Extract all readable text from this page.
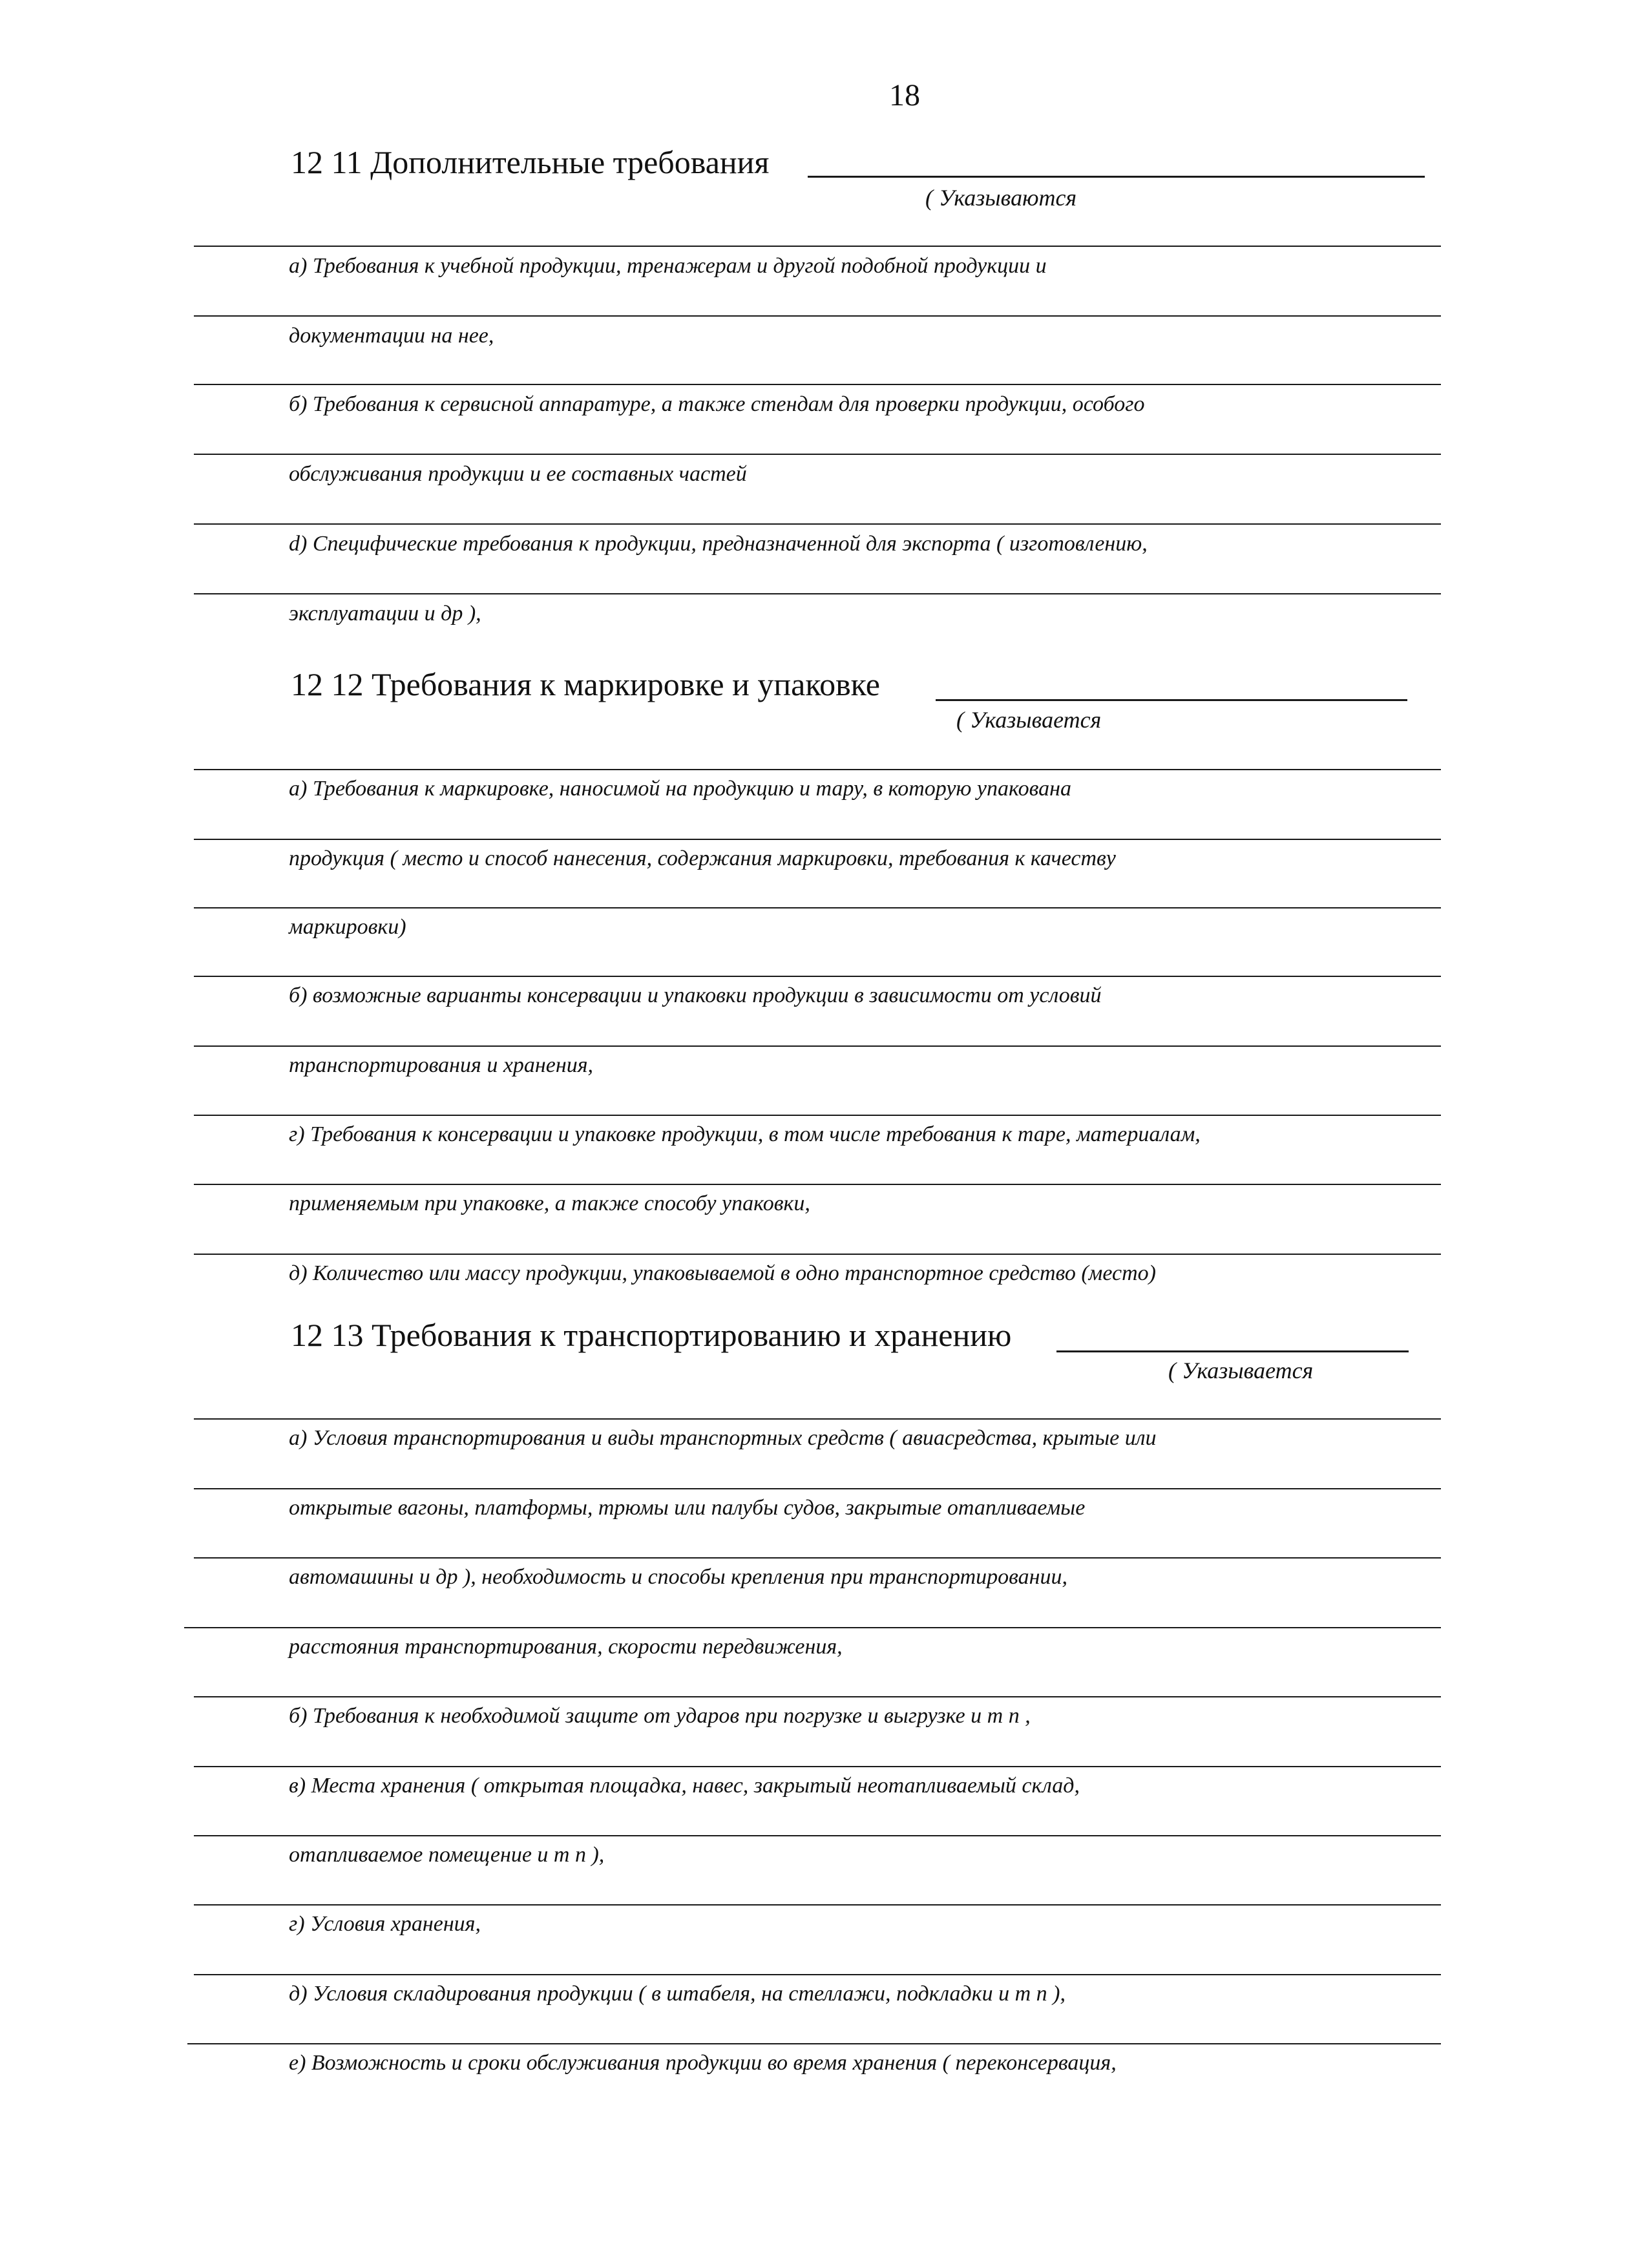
18
12 11 Дополнительные требования
( Указываются
а) Требования к учебной продукции, тренажерам и другой подобной продукции и
документации на нее,
б) Требования к сервисной аппаратуре, а также стендам для проверки продукции, особого
обслуживания продукции и ее составных частей
d) Специфические требования к продукции, предназначенной для экспорта ( изготовлению,
эксплуатации и др ),
12 12 Требования к маркировке и упаковке
( Указывается
а) Требования к маркировке, наносимой на продукцию и тару, в которую упакована
продукция ( место и способ нанесения, содержания маркировки, требования к качеству
маркировки)
б) возможные варианты консервации и упаковки продукции в зависимости от условий
транспортирования и хранения,
г) Требования к консервации и упаковке продукции, в том числе требования к таре, материалам,
применяемым при упаковке, а также способу упаковки,
д) Количество или массу продукции, упаковываемой в одно транспортное средство (место)
12 13 Требования к транспортированию и хранению
( Указывается
а) Условия транспортирования и виды транспортных средств ( авиасредства, крытые или
открытые вагоны, платформы, трюмы или палубы судов, закрытые отапливаемые
автомашины и др ), необходимость и способы крепления при транспортировании,
расстояния транспортирования, скорости передвижения,
б) Требования к необходимой защите от ударов при погрузке и выгрузке и т п ,
в) Места хранения ( открытая площадка, навес, закрытый неотапливаемый склад,
отапливаемое помещение и т п ),
г) Условия хранения,
д) Условия складирования продукции ( в штабеля, на стеллажи, подкладки и т п ),
е) Возможность и сроки обслуживания продукции во время хранения ( переконсервация,
